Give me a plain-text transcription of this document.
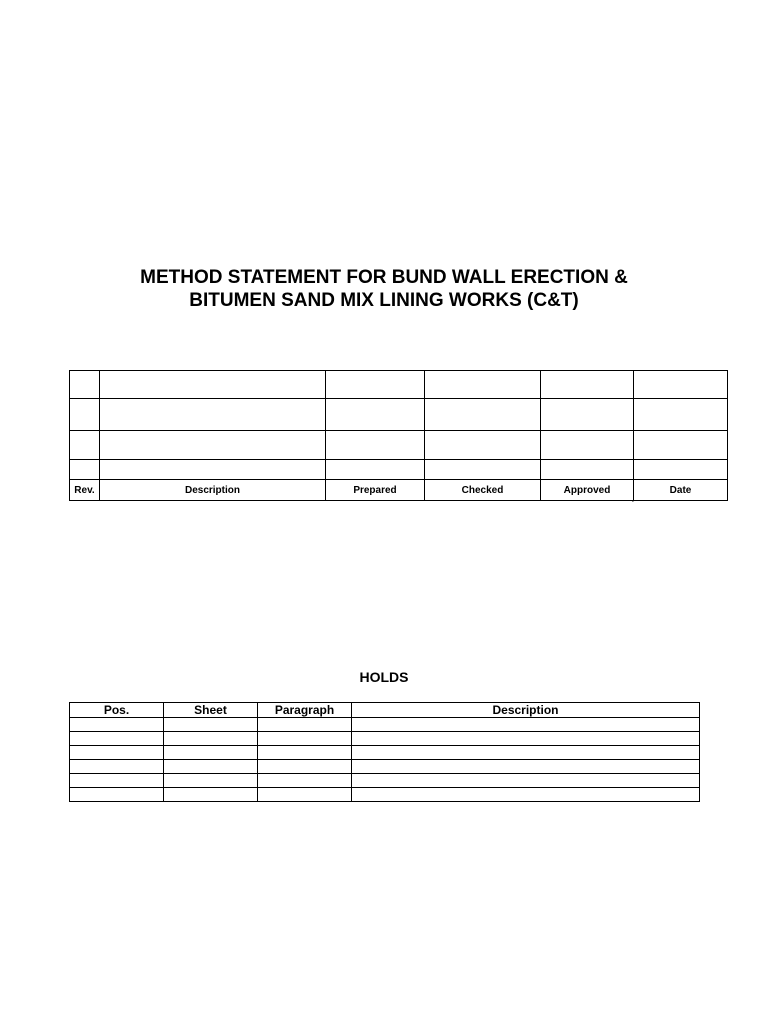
METHOD STATEMENT FOR BUND WALL ERECTION &
BITUMEN SAND MIX LINING WORKS (C&T)

Rev.	Description	Prepared	Checked	Approved	Date
`
HOLDS
Pos.	Sheet	Paragraph	Description
